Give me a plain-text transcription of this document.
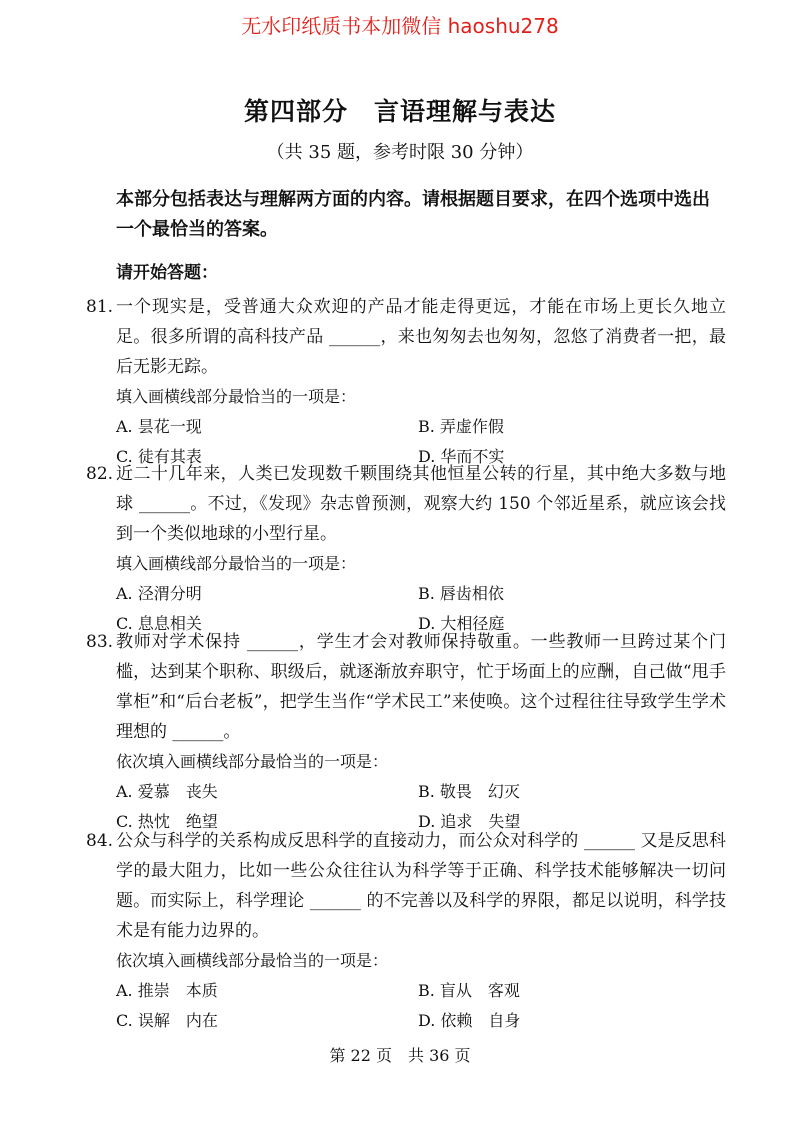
无水印纸质书本加微信 haoshu278
第四部分　言语理解与表达
（共 35 题，参考时限 30 分钟）
本部分包括表达与理解两方面的内容。请根据题目要求，在四个选项中选出一个最恰当的答案。
请开始答题：
81. 一个现实是，受普通大众欢迎的产品才能走得更远，才能在市场上更长久地立足。很多所谓的高科技产品 ______，来也匆匆去也匆匆，忽悠了消费者一把，最后无影无踪。
填入画横线部分最恰当的一项是：
A. 昙花一现	B. 弄虚作假
C. 徒有其表	D. 华而不实
82. 近二十几年来，人类已发现数千颗围绕其他恒星公转的行星，其中绝大多数与地球 ______。不过，《发现》杂志曾预测，观察大约 150 个邻近星系，就应该会找到一个类似地球的小型行星。
填入画横线部分最恰当的一项是：
A. 泾渭分明	B. 唇齿相依
C. 息息相关	D. 大相径庭
83. 教师对学术保持 ______，学生才会对教师保持敬重。一些教师一旦跨过某个门槛，达到某个职称、职级后，就逐渐放弃职守，忙于场面上的应酬，自己做“甩手掌柜”和“后台老板”，把学生当作“学术民工”来使唤。这个过程往往导致学生学术理想的 ______。
依次填入画横线部分最恰当的一项是：
A. 爱慕　丧失	B. 敬畏　幻灭
C. 热忱　绝望	D. 追求　失望
84. 公众与科学的关系构成反思科学的直接动力，而公众对科学的 ______ 又是反思科学的最大阻力，比如一些公众往往认为科学等于正确、科学技术能够解决一切问题。而实际上，科学理论 ______ 的不完善以及科学的界限，都足以说明，科学技术是有能力边界的。
依次填入画横线部分最恰当的一项是：
A. 推崇　本质	B. 盲从　客观
C. 误解　内在	D. 依赖　自身
第 22 页　共 36 页
